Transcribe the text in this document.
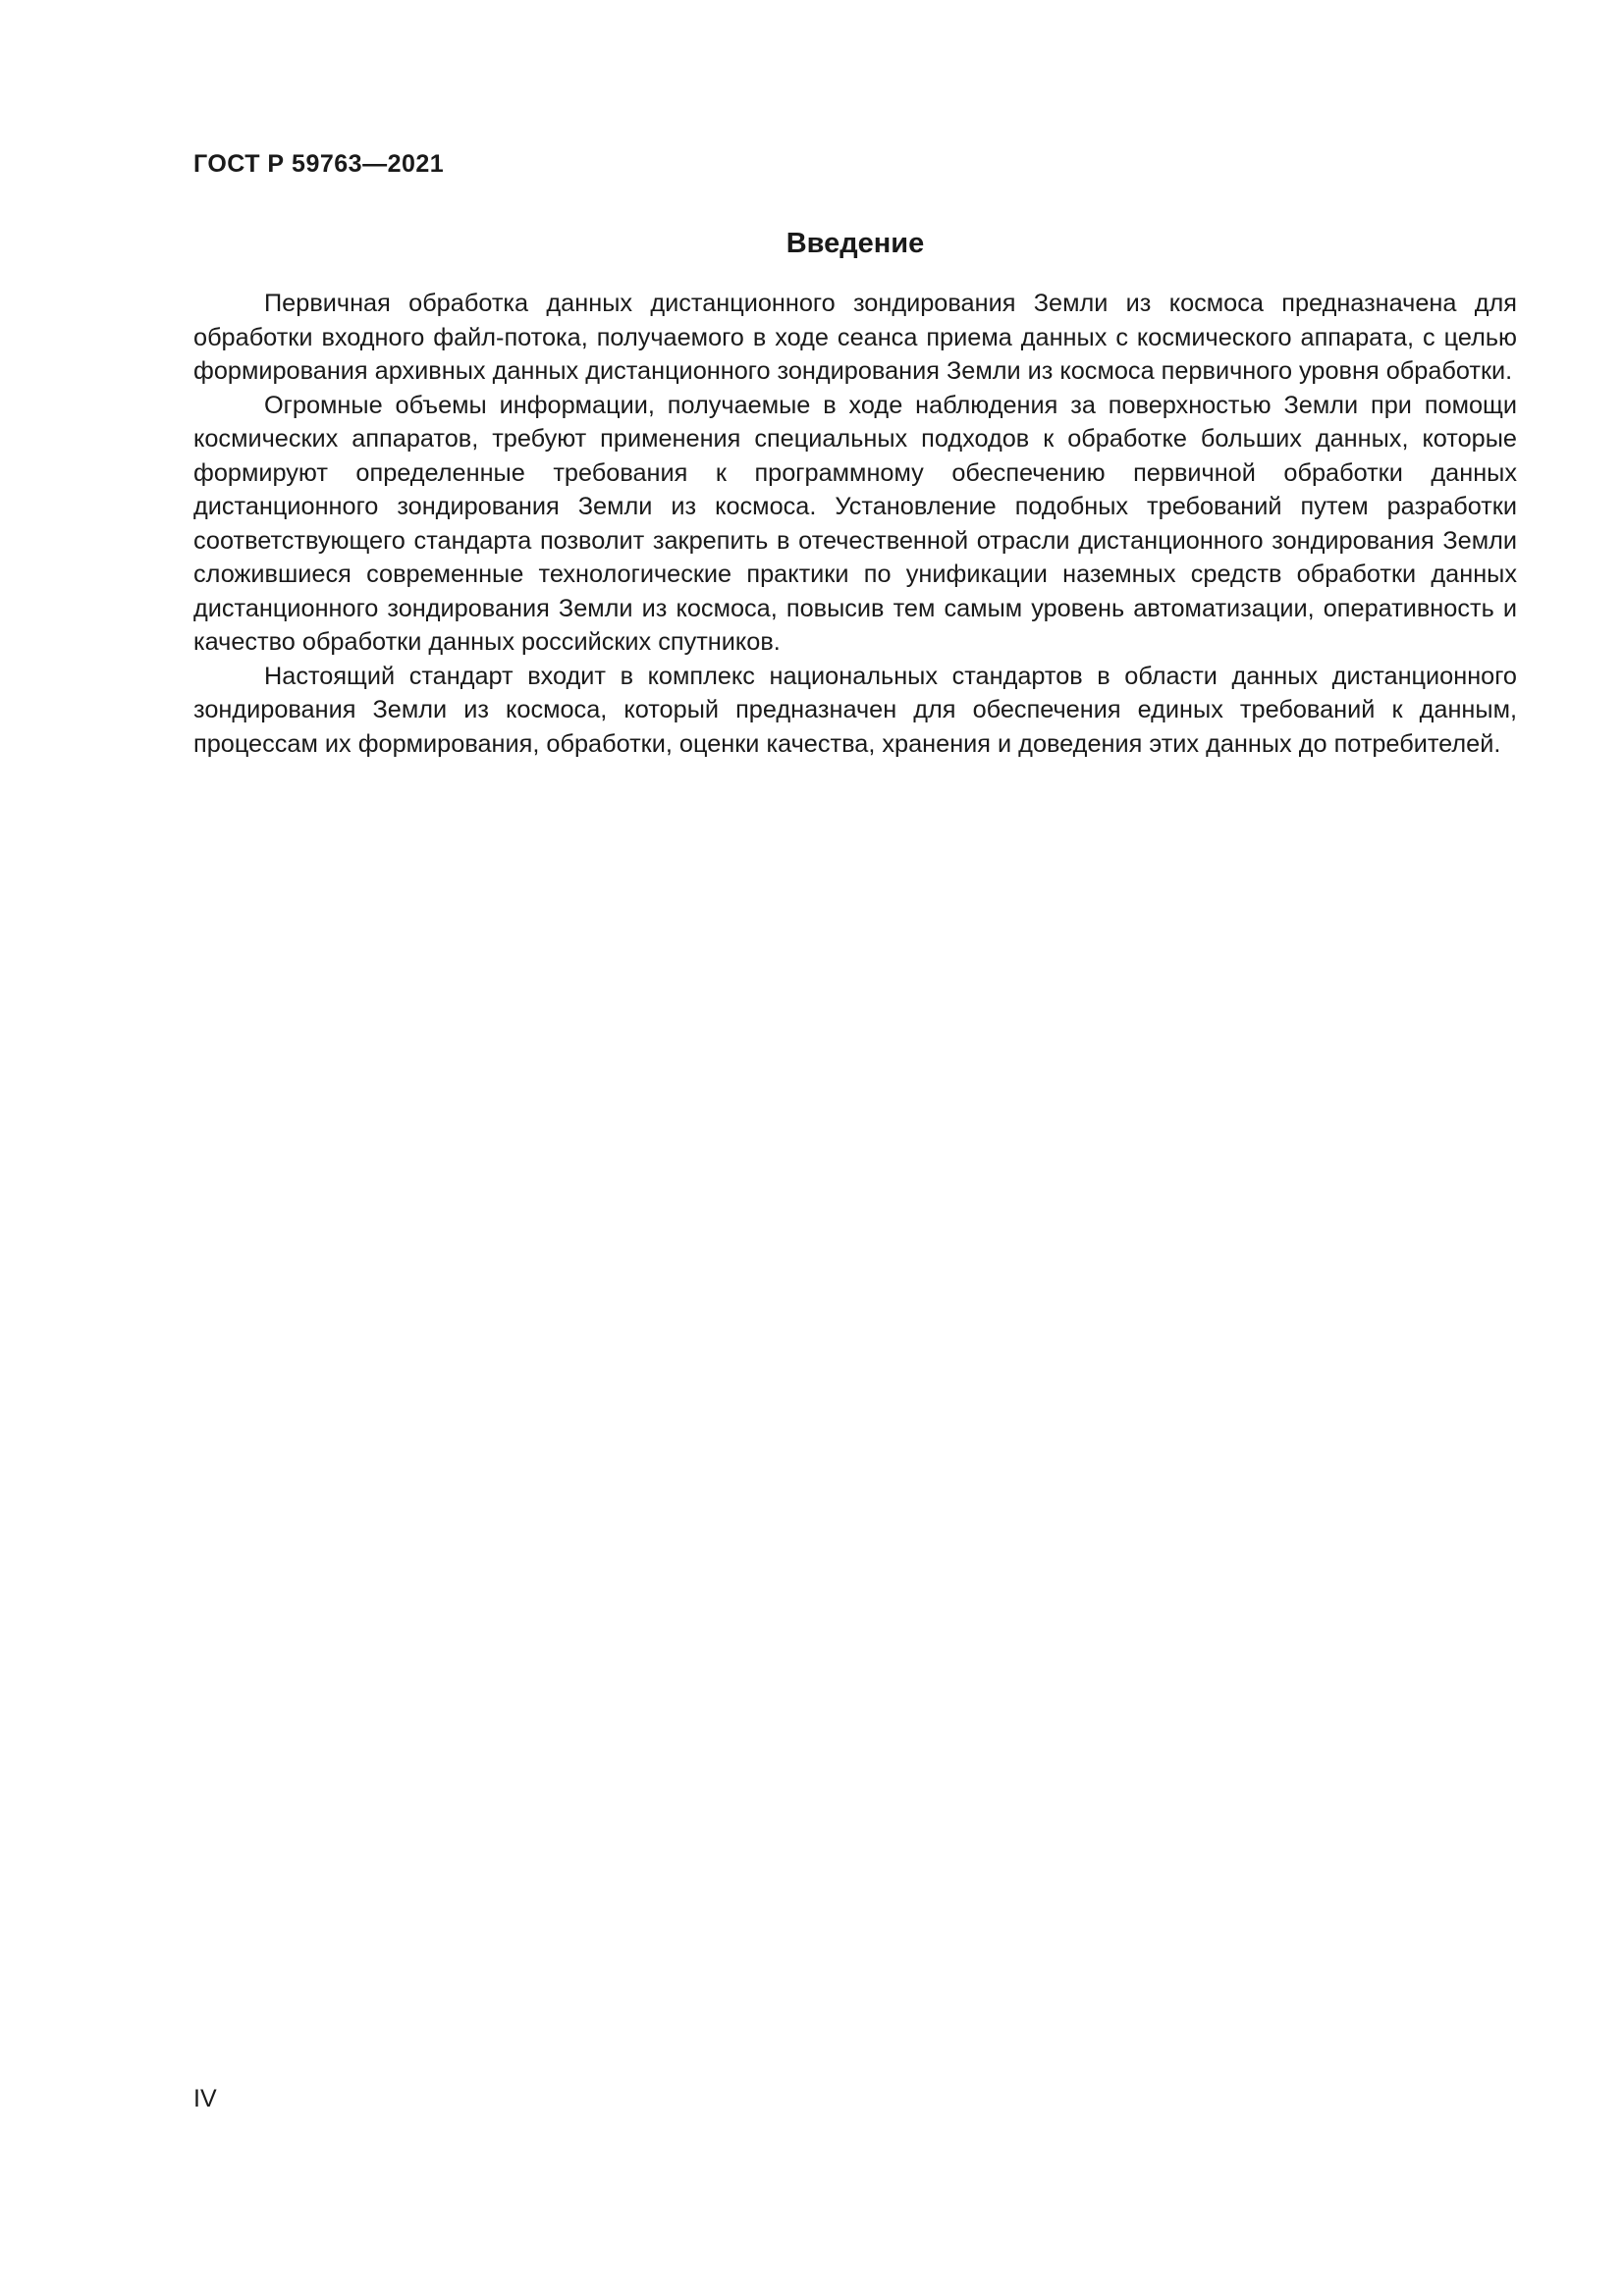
ГОСТ Р 59763—2021
Введение

Первичная обработка данных дистанционного зондирования Земли из космоса предназначена для обработки входного файл-потока, получаемого в ходе сеанса приема данных с космического аппарата, с целью формирования архивных данных дистанционного зондирования Земли из космоса первичного уровня обработки.

Огромные объемы информации, получаемые в ходе наблюдения за поверхностью Земли при помощи космических аппаратов, требуют применения специальных подходов к обработке больших данных, которые формируют определенные требования к программному обеспечению первичной обработки данных дистанционного зондирования Земли из космоса. Установление подобных требований путем разработки соответствующего стандарта позволит закрепить в отечественной отрасли дистанционного зондирования Земли сложившиеся современные технологические практики по унификации наземных средств обработки данных дистанционного зондирования Земли из космоса, повысив тем самым уровень автоматизации, оперативность и качество обработки данных российских спутников.

Настоящий стандарт входит в комплекс национальных стандартов в области данных дистанционного зондирования Земли из космоса, который предназначен для обеспечения единых требований к данным, процессам их формирования, обработки, оценки качества, хранения и доведения этих данных до потребителей.

IV
